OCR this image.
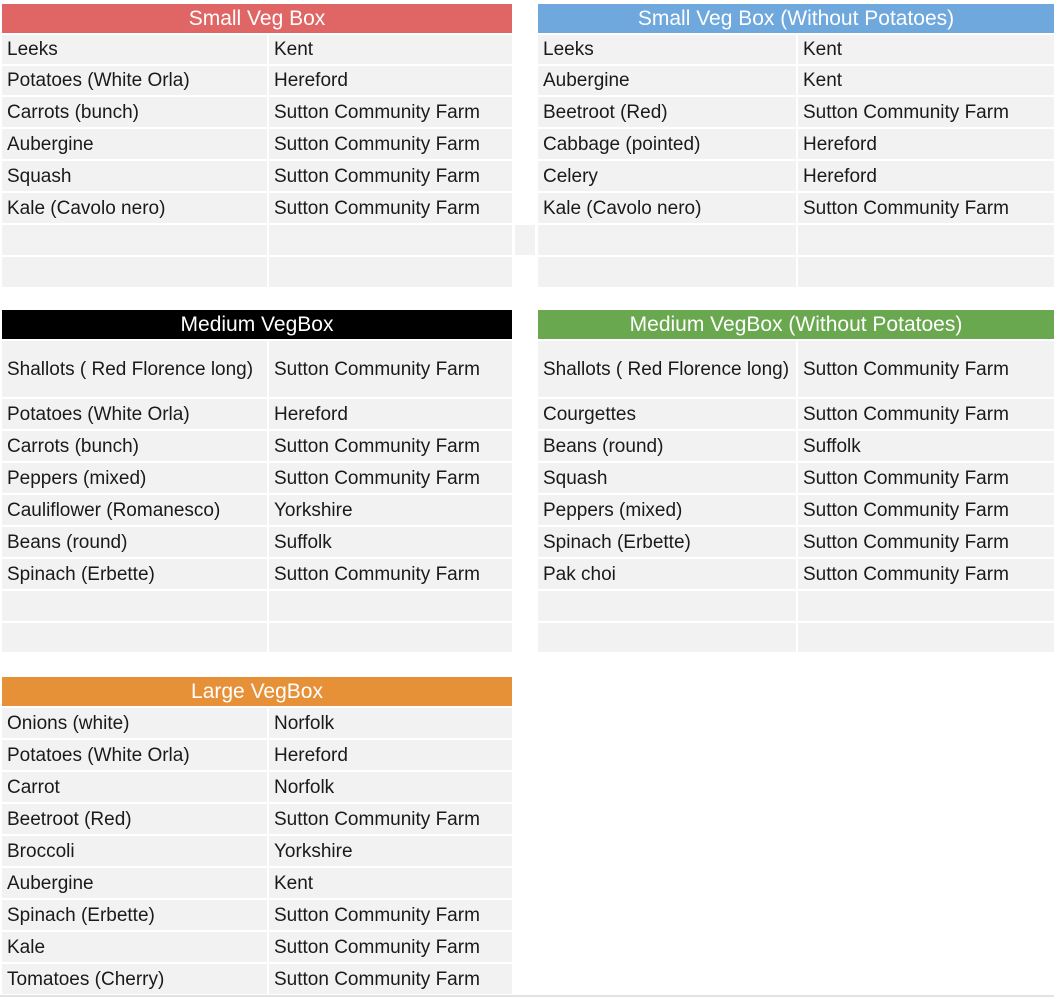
Small Veg Box
Leeks	Kent
Potatoes (White Orla)	Hereford
Carrots (bunch)	Sutton Community Farm
Aubergine	Sutton Community Farm
Squash	Sutton Community Farm
Kale (Cavolo nero)	Sutton Community Farm
Small Veg Box (Without Potatoes)
Leeks	Kent
Aubergine	Kent
Beetroot (Red)	Sutton Community Farm
Cabbage (pointed)	Hereford
Celery	Hereford
Kale (Cavolo nero)	Sutton Community Farm
Medium VegBox
Shallots ( Red Florence long)	Sutton Community Farm
Potatoes (White Orla)	Hereford
Carrots (bunch)	Sutton Community Farm
Peppers (mixed)	Sutton Community Farm
Cauliflower (Romanesco)	Yorkshire
Beans (round)	Suffolk
Spinach (Erbette)	Sutton Community Farm
Medium VegBox (Without Potatoes)
Shallots ( Red Florence long) Sutton Community Farm
Courgettes	Sutton Community Farm
Beans (round)	Suffolk
Squash	Sutton Community Farm
Peppers (mixed)	Sutton Community Farm
Spinach (Erbette)	Sutton Community Farm
Pak choi	Sutton Community Farm
Large VegBox
Onions (white)	Norfolk
Potatoes (White Orla)	Hereford
Carrot	Norfolk
Beetroot (Red)	Sutton Community Farm
Broccoli	Yorkshire
Aubergine	Kent
Spinach (Erbette)	Sutton Community Farm
Kale	Sutton Community Farm
Tomatoes (Cherry)	Sutton Community Farm
